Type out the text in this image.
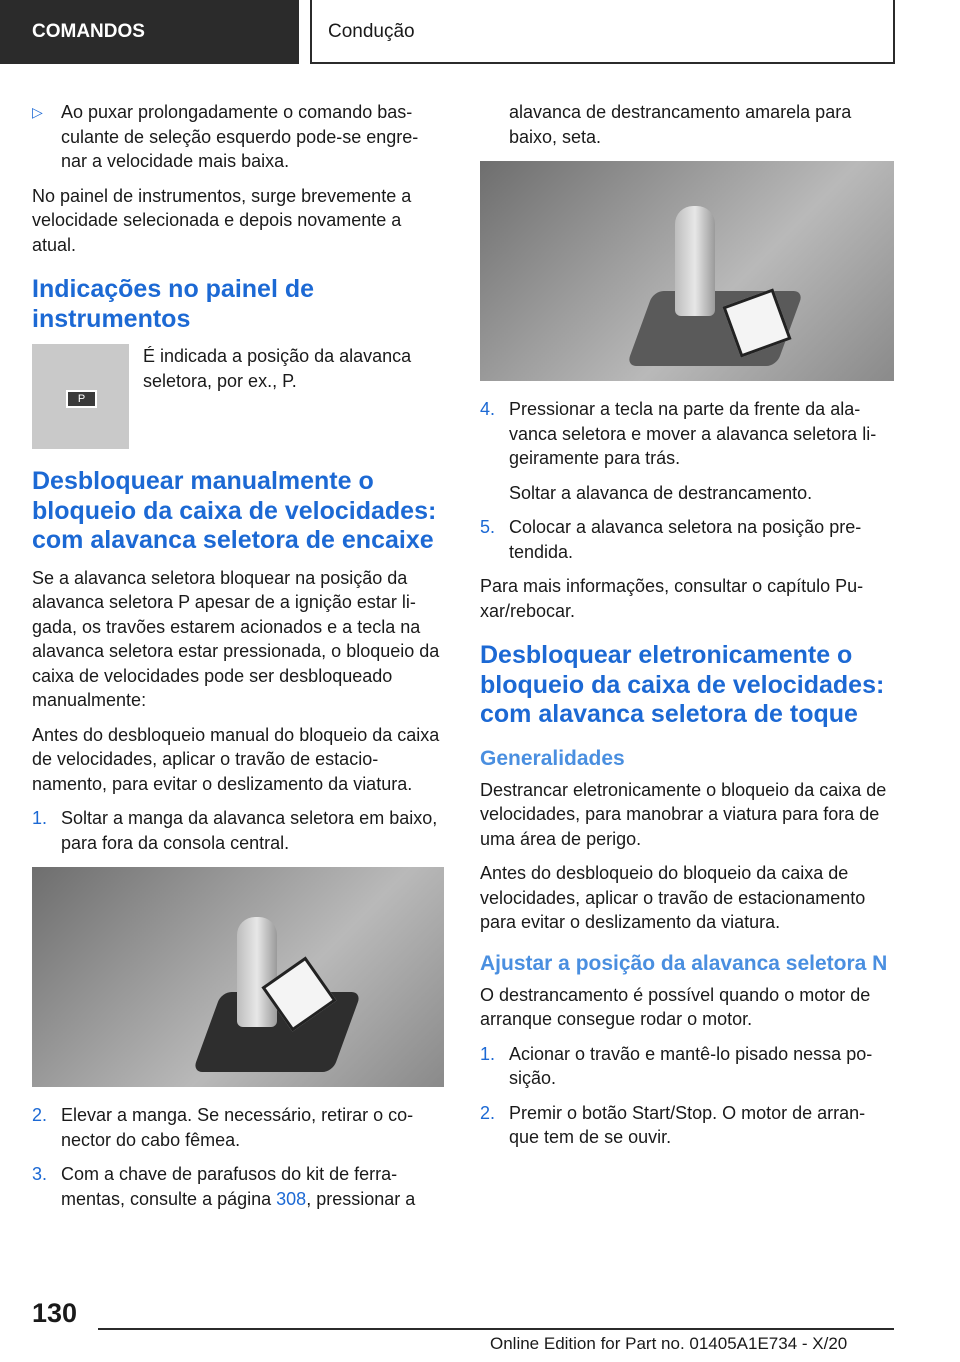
COMANDOS	Condução
▷	Ao puxar prolongadamente o comando bas-culante de seleção esquerdo pode-se engre-nar a velocidade mais baixa.

No painel de instrumentos, surge brevemente a velocidade selecionada e depois novamente a atual.

Indicações no painel de instrumentos
P

É indicada a posição da alavanca seletora, por ex., P.

Desbloquear manualmente o bloqueio da caixa de velocidades: com alavanca seletora de encaixe

Se a alavanca seletora bloquear na posição da alavanca seletora P apesar de a ignição estar li-gada, os travões estarem acionados e a tecla na alavanca seletora estar pressionada, o bloqueio da caixa de velocidades pode ser desbloqueado manualmente:

Antes do desbloqueio manual do bloqueio da caixa de velocidades, aplicar o travão de estacio-namento, para evitar o deslizamento da viatura.

1. Soltar a manga da alavanca seletora em baixo, para fora da consola central.
2. Elevar a manga. Se necessário, retirar o co-nector do cabo fêmea.
3. Com a chave de parafusos do kit de ferra-mentas, consulte a página 308, pressionar a

alavanca de destrancamento amarela para baixo, seta.

4. Pressionar a tecla na parte da frente da ala-vanca seletora e mover a alavanca seletora li-geiramente para trás.

Soltar a alavanca de destrancamento.

5. Colocar a alavanca seletora na posição pre-tendida.

Para mais informações, consultar o capítulo Pu-xar/rebocar.

Desbloquear eletronicamente o bloqueio da caixa de velocidades: com alavanca seletora de toque
Generalidades

Destrancar eletronicamente o bloqueio da caixa de velocidades, para manobrar a viatura para fora de uma área de perigo.

Antes do desbloqueio do bloqueio da caixa de velocidades, aplicar o travão de estacionamento para evitar o deslizamento da viatura.

Ajustar a posição da alavanca seletora N

O destrancamento é possível quando o motor de arranque consegue rodar o motor.

1. Acionar o travão e mantê-lo pisado nessa po-sição.
2. Premir o botão Start/Stop. O motor de arran-que tem de se ouvir.
130
Online Edition for Part no. 01405A1E734 - X/20
